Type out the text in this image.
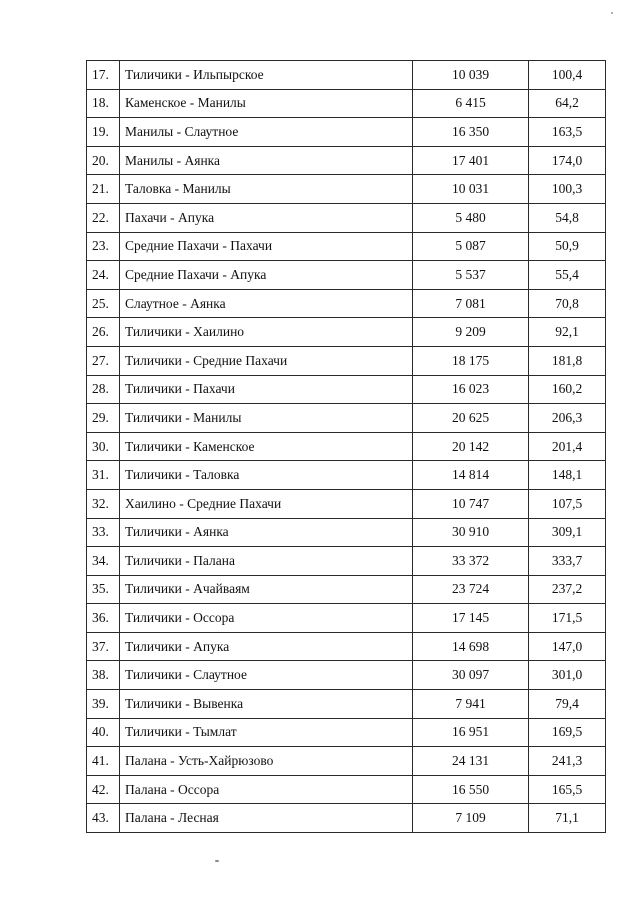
17.	Тиличики - Ильпырское	10 039	100,4
18.	Каменское - Манилы	6 415	64,2
19.	Манилы - Слаутное	16 350	163,5
20.	Манилы - Аянка	17 401	174,0
21.	Таловка - Манилы	10 031	100,3
22.	Пахачи - Апука	5 480	54,8
23.	Средние Пахачи - Пахачи	5 087	50,9
24.	Средние Пахачи - Апука	5 537	55,4
25.	Слаутное - Аянка	7 081	70,8
26.	Тиличики - Хаилино	9 209	92,1
27.	Тиличики - Средние Пахачи	18 175	181,8
28.	Тиличики - Пахачи	16 023	160,2
29.	Тиличики - Манилы	20 625	206,3
30.	Тиличики - Каменское	20 142	201,4
31.	Тиличики - Таловка	14 814	148,1
32.	Хаилино - Средние Пахачи	10 747	107,5
33.	Тиличики - Аянка	30 910	309,1
34.	Тиличики - Палана	33 372	333,7
35.	Тиличики - Ачайваям	23 724	237,2
36.	Тиличики - Оссора	17 145	171,5
37.	Тиличики - Апука	14 698	147,0
38.	Тиличики - Слаутное	30 097	301,0
39.	Тиличики - Вывенка	7 941	79,4
40.	Тиличики - Тымлат	16 951	169,5
41.	Палана - Усть-Хайрюзово	24 131	241,3
42.	Палана - Оссора	16 550	165,5
43.	Палана - Лесная	7 109	71,1
